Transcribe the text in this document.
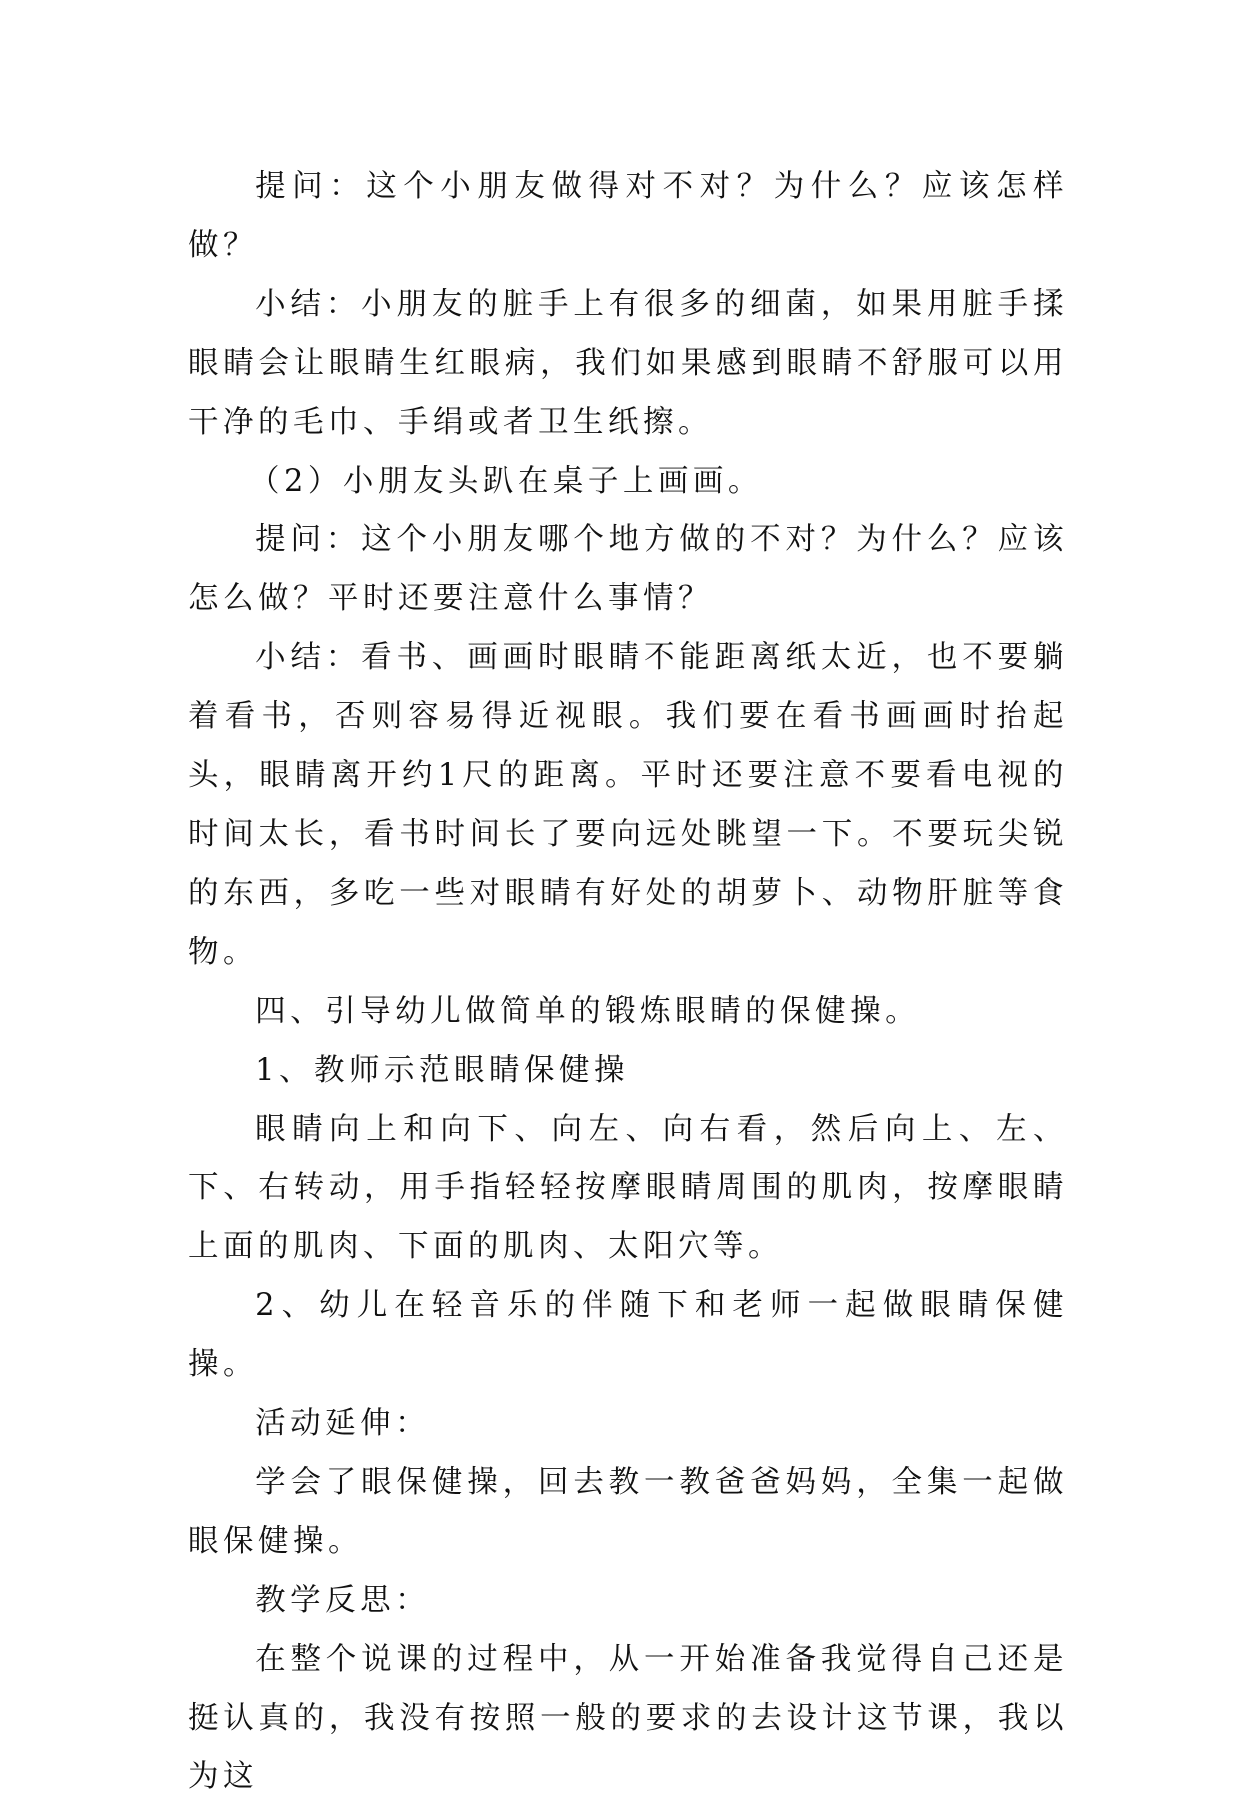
提问：这个小朋友做得对不对？为什么？应该怎样做？

小结：小朋友的脏手上有很多的细菌，如果用脏手揉眼睛会让眼睛生红眼病，我们如果感到眼睛不舒服可以用干净的毛巾、手绢或者卫生纸擦。

（2）小朋友头趴在桌子上画画。

提问：这个小朋友哪个地方做的不对？为什么？应该怎么做？平时还要注意什么事情？

小结：看书、画画时眼睛不能距离纸太近，也不要躺着看书，否则容易得近视眼。我们要在看书画画时抬起头，眼睛离开约1尺的距离。平时还要注意不要看电视的时间太长，看书时间长了要向远处眺望一下。不要玩尖锐的东西，多吃一些对眼睛有好处的胡萝卜、动物肝脏等食物。

四、引导幼儿做简单的锻炼眼睛的保健操。

1、教师示范眼睛保健操

眼睛向上和向下、向左、向右看，然后向上、左、下、右转动，用手指轻轻按摩眼睛周围的肌肉，按摩眼睛上面的肌肉、下面的肌肉、太阳穴等。

2、幼儿在轻音乐的伴随下和老师一起做眼睛保健操。

活动延伸：

学会了眼保健操，回去教一教爸爸妈妈，全集一起做眼保健操。

教学反思：

在整个说课的过程中，从一开始准备我觉得自己还是挺认真的，我没有按照一般的要求的去设计这节课，我以为这
